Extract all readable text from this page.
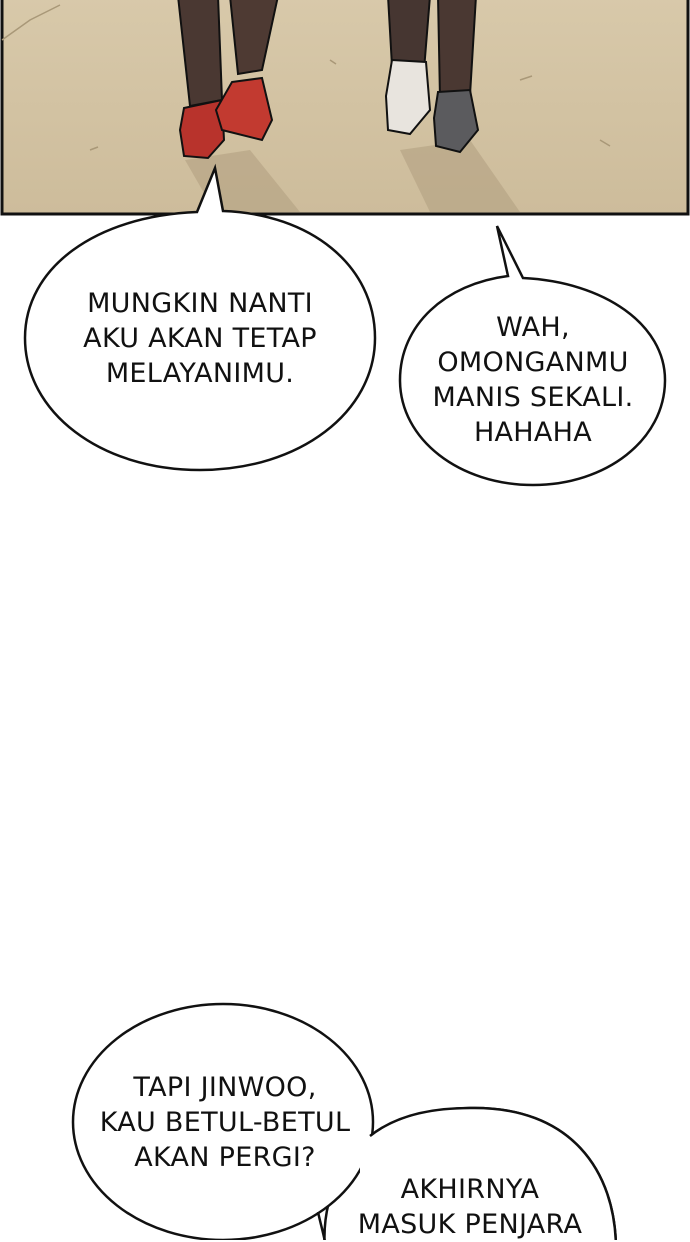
MUNGKIN NANTI
AKU AKAN TETAP
MELAYANIMU.
WAH,
OMONGANMU
MANIS SEKALI.
HAHAHA
TAPI JINWOO,
KAU BETUL-BETUL
AKAN PERGI?
AKHIRNYA
MASUK PENJARA
